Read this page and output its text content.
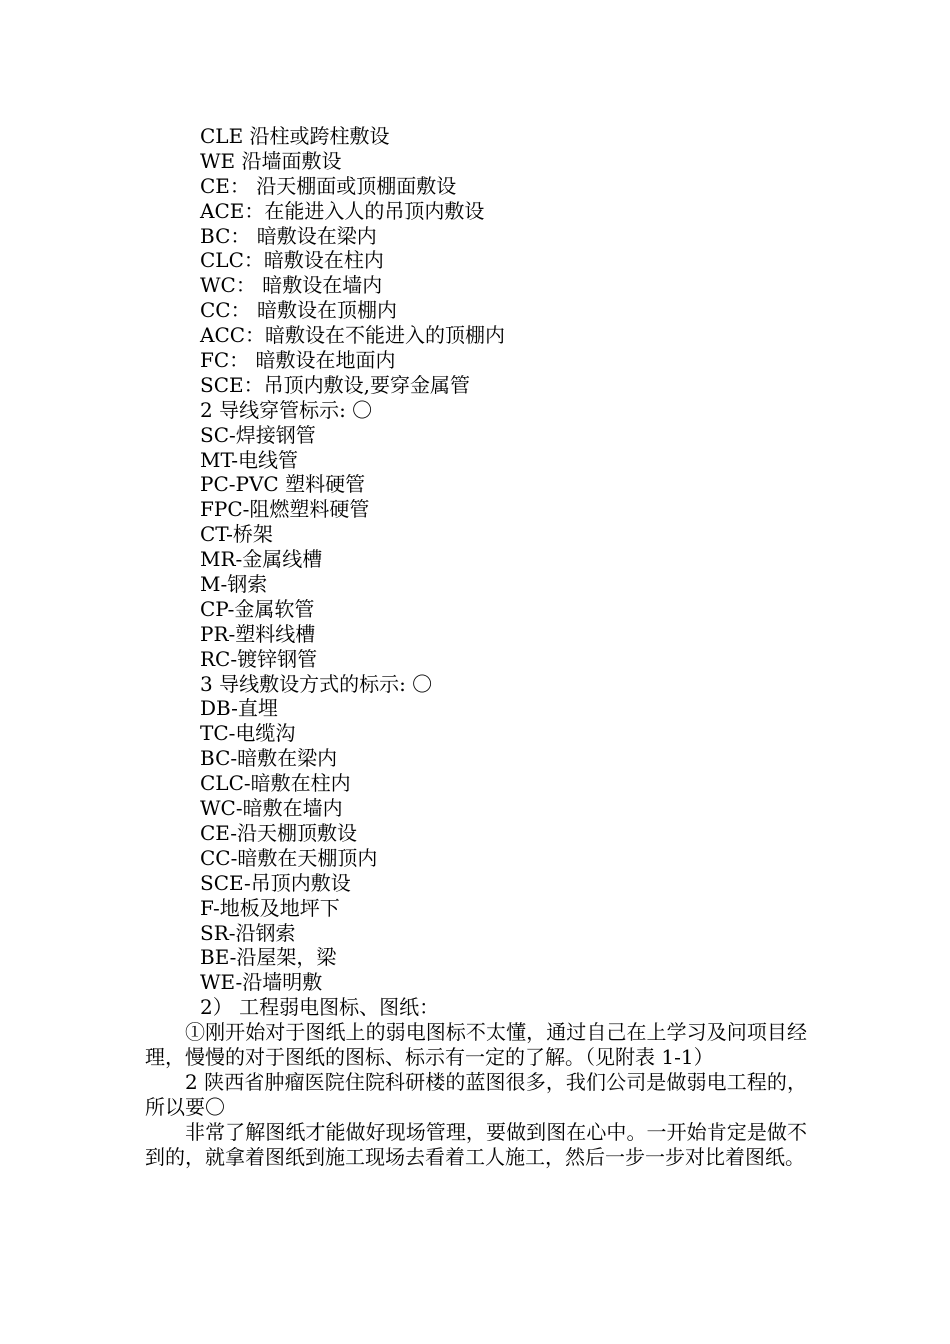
CLE 沿柱或跨柱敷设
WE 沿墙面敷设
CE： 沿天棚面或顶棚面敷设
ACE：在能进入人的吊顶内敷设
BC： 暗敷设在梁内
CLC：暗敷设在柱内
WC： 暗敷设在墙内
CC： 暗敷设在顶棚内
ACC：暗敷设在不能进入的顶棚内
FC： 暗敷设在地面内
SCE：吊顶内敷设,要穿金属管
2 导线穿管标示: 〇
SC-焊接钢管
MT-电线管
PC-PVC 塑料硬管
FPC-阻燃塑料硬管
CT-桥架
MR-金属线槽
M-钢索
CP-金属软管
PR-塑料线槽
RC-镀锌钢管
3 导线敷设方式的标示: 〇
DB-直埋
TC-电缆沟
BC-暗敷在梁内
CLC-暗敷在柱内
WC-暗敷在墙内
CE-沿天棚顶敷设
CC-暗敷在天棚顶内
SCE-吊顶内敷设
F-地板及地坪下
SR-沿钢索
BE-沿屋架，梁
WE-沿墙明敷
2） 工程弱电图标、图纸：
①刚开始对于图纸上的弱电图标不太懂，通过自己在上学习及问项目经理，慢慢的对于图纸的图标、标示有一定的了解。（见附表 1-1）
2 陕西省肿瘤医院住院科研楼的蓝图很多，我们公司是做弱电工程的，所以要〇
非常了解图纸才能做好现场管理，要做到图在心中。一开始肯定是做不到的，就拿着图纸到施工现场去看着工人施工，然后一步一步对比着图纸。
